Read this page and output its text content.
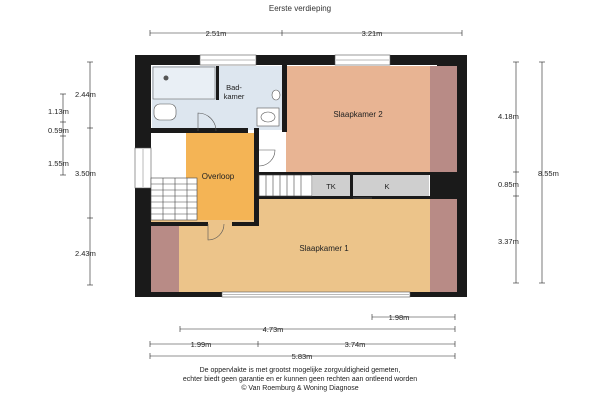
Eerste verdieping
Bad-
kamer
Slaapkamer 2
Overloop
TK	K
Slaapkamer 1
2.51m	3.21m
2.44m
3.50m
2.43m
1.13m
0.59m
1.55m
4.18m
0.85m
3.37m
8.55m
1.98m
4.73m
1.99m	3.74m
5.83m
De oppervlakte is met grootst mogelijke zorgvuldigheid gemeten,
echter biedt geen garantie en er kunnen geen rechten aan ontleend worden
© Van Roemburg & Woning Diagnose
